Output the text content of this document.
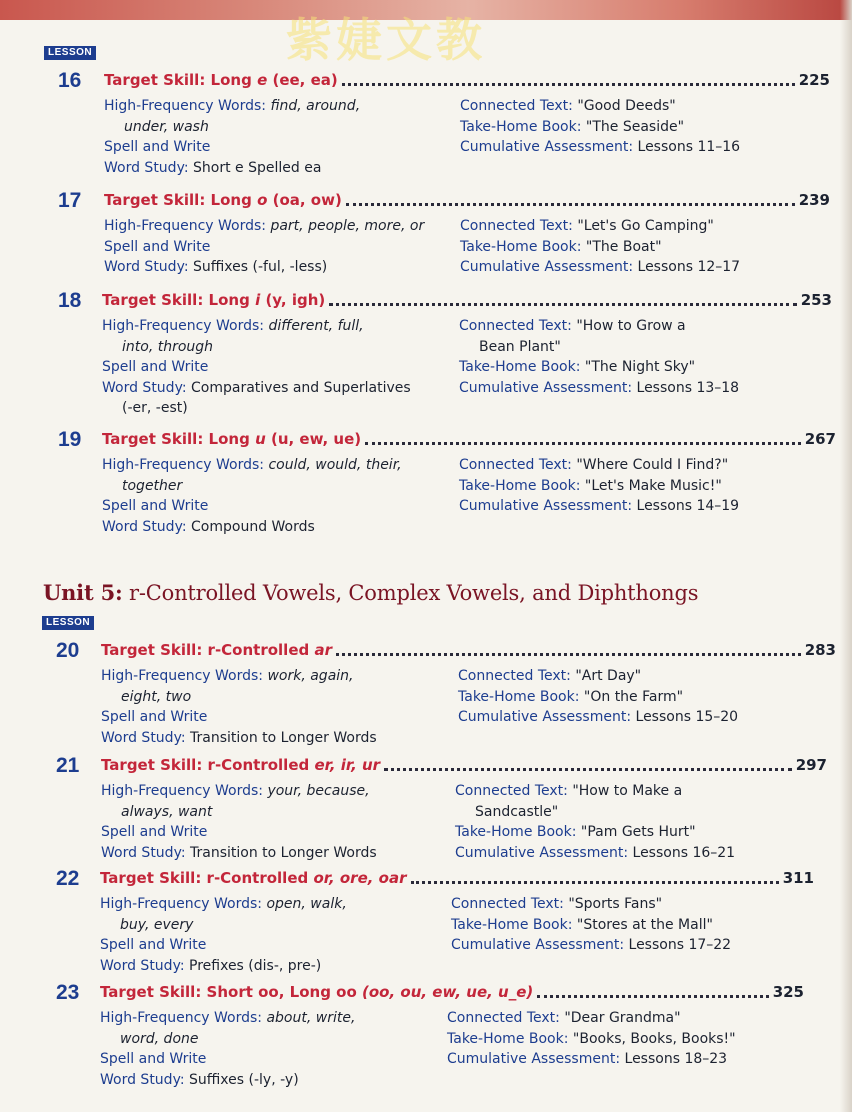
紫婕文教
LESSON
LESSON
Unit 5: r-Controlled Vowels, Complex Vowels, and Diphthongs
16 Target Skill: Long e (ee, ea)	225
High-Frequency Words: find, around,
under, wash
Spell and Write
Word Study: Short e Spelled ea
Connected Text: "Good Deeds"
Take-Home Book: "The Seaside"
Cumulative Assessment: Lessons 11–16
17 Target Skill: Long o (oa, ow)	239
High-Frequency Words: part, people, more, or
Spell and Write
Word Study: Suffixes (-ful, -less)
Connected Text: "Let's Go Camping"
Take-Home Book: "The Boat"
Cumulative Assessment: Lessons 12–17
18 Target Skill: Long i (y, igh)	253
High-Frequency Words: different, full,
into, through
Spell and Write
Word Study: Comparatives and Superlatives
(-er, -est)
Connected Text: "How to Grow a
Bean Plant"
Take-Home Book: "The Night Sky"
Cumulative Assessment: Lessons 13–18
19 Target Skill: Long u (u, ew, ue)	267
High-Frequency Words: could, would, their,
together
Spell and Write
Word Study: Compound Words
Connected Text: "Where Could I Find?"
Take-Home Book: "Let's Make Music!"
Cumulative Assessment: Lessons 14–19
20 Target Skill: r-Controlled ar	283
High-Frequency Words: work, again,
eight, two
Spell and Write
Word Study: Transition to Longer Words
Connected Text: "Art Day"
Take-Home Book: "On the Farm"
Cumulative Assessment: Lessons 15–20
21 Target Skill: r-Controlled er, ir, ur	297
High-Frequency Words: your, because,
always, want
Spell and Write
Word Study: Transition to Longer Words
Connected Text: "How to Make a
Sandcastle"
Take-Home Book: "Pam Gets Hurt"
Cumulative Assessment: Lessons 16–21
22 Target Skill: r-Controlled or, ore, oar	311
High-Frequency Words: open, walk,
buy, every
Spell and Write
Word Study: Prefixes (dis-, pre-)
Connected Text: "Sports Fans"
Take-Home Book: "Stores at the Mall"
Cumulative Assessment: Lessons 17–22
23 Target Skill: Short oo, Long oo (oo, ou, ew, ue, u_e)	325
High-Frequency Words: about, write,
word, done
Spell and Write
Word Study: Suffixes (-ly, -y)
Connected Text: "Dear Grandma"
Take-Home Book: "Books, Books, Books!"
Cumulative Assessment: Lessons 18–23
